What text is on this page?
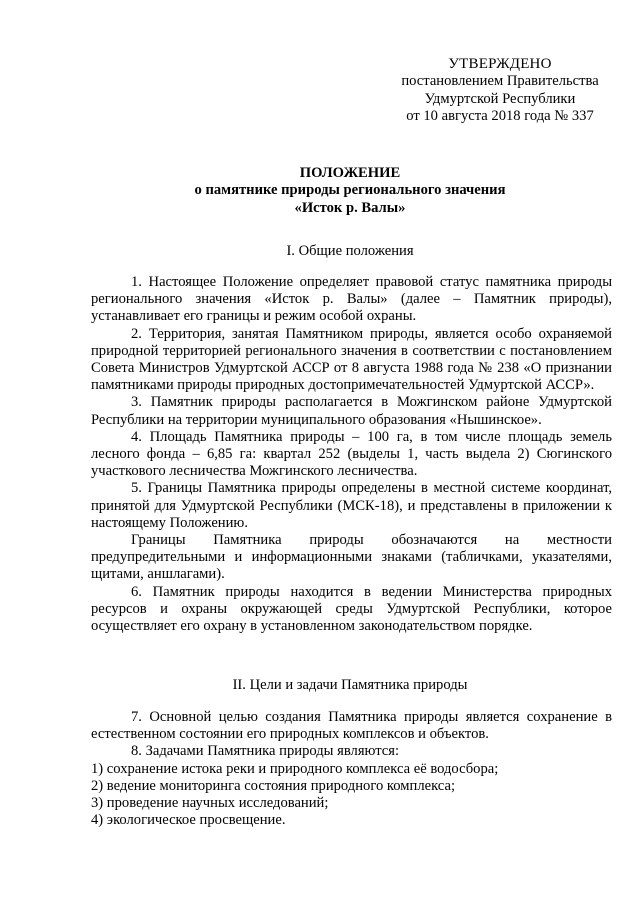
УТВЕРЖДЕНО
постановлением Правительства
Удмуртской Республики
от 10 августа 2018 года № 337
ПОЛОЖЕНИЕ
о памятнике природы регионального значения
«Исток р. Валы»
I. Общие положения

1. Настоящее Положение определяет правовой статус памятника природы регионального значения «Исток р. Валы» (далее – Памятник природы), устанавливает его границы и режим особой охраны.

2. Территория, занятая Памятником природы, является особо охраняемой природной территорией регионального значения в соответствии с постановлением Совета Министров Удмуртской АССР от 8 августа 1988 года № 238 «О признании памятниками природы природных достопримечательностей Удмуртской АССР».

3. Памятник природы располагается в Можгинском районе Удмуртской Республики на территории муниципального образования «Нышинское».

4. Площадь Памятника природы – 100 га, в том числе площадь земель лесного фонда – 6,85 га: квартал 252 (выделы 1, часть выдела 2) Сюгинского участкового лесничества Можгинского лесничества.

5. Границы Памятника природы определены в местной системе координат, принятой для Удмуртской Республики (МСК-18), и представлены в приложении к настоящему Положению.

Границы Памятника природы обозначаются на местности предупредительными и информационными знаками (табличками, указателями, щитами, аншлагами).

6. Памятник природы находится в ведении Министерства природных ресурсов и охраны окружающей среды Удмуртской Республики, которое осуществляет его охрану в установленном законодательством порядке.

II. Цели и задачи Памятника природы

7. Основной целью создания Памятника природы является сохранение в естественном состоянии его природных комплексов и объектов.

8. Задачами Памятника природы являются:

1) сохранение истока реки и природного комплекса её водосбора;

2) ведение мониторинга состояния природного комплекса;

3) проведение научных исследований;

4) экологическое просвещение.
